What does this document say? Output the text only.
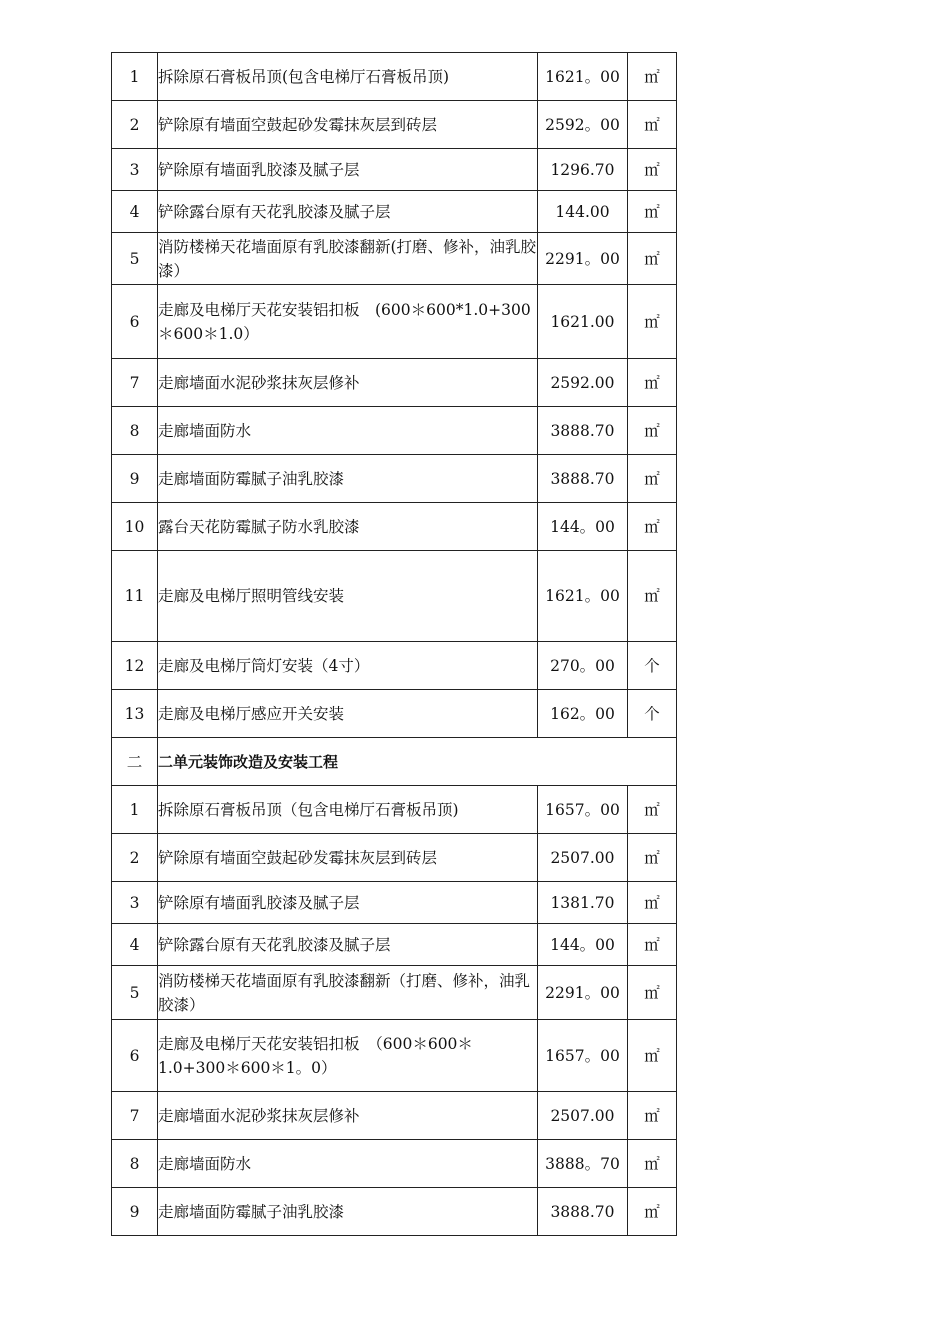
1	拆除原石膏板吊顶(包含电梯厅石膏板吊顶)	1621。00	㎡
2	铲除原有墙面空鼓起砂发霉抹灰层到砖层	2592。00	㎡
3	铲除原有墙面乳胶漆及腻子层	1296.70	㎡
4	铲除露台原有天花乳胶漆及腻子层	144.00	㎡
5	消防楼梯天花墙面原有乳胶漆翻新(打磨、修补，油乳胶漆）	2291。00	㎡
6	走廊及电梯厅天花安装铝扣板　(600＊600*1.0+300＊600＊1.0）	1621.00	㎡
7	走廊墙面水泥砂浆抹灰层修补	2592.00	㎡
8	走廊墙面防水	3888.70	㎡
9	走廊墙面防霉腻子油乳胶漆	3888.70	㎡
10	露台天花防霉腻子防水乳胶漆	144。00	㎡
11	走廊及电梯厅照明管线安装	1621。00	㎡
12	走廊及电梯厅筒灯安装（4寸）	270。00	个
13	走廊及电梯厅感应开关安装	162。00	个
二	二单元装饰改造及安装工程		
1	拆除原石膏板吊顶（包含电梯厅石膏板吊顶)	1657。00	㎡
2	铲除原有墙面空鼓起砂发霉抹灰层到砖层	2507.00	㎡
3	铲除原有墙面乳胶漆及腻子层	1381.70	㎡
4	铲除露台原有天花乳胶漆及腻子层	144。00	㎡
5	消防楼梯天花墙面原有乳胶漆翻新（打磨、修补，油乳胶漆）	2291。00	㎡
6	走廊及电梯厅天花安装铝扣板　（600＊600＊1.0+300＊600＊1。0）	1657。00	㎡
7	走廊墙面水泥砂浆抹灰层修补	2507.00	㎡
8	走廊墙面防水	3888。70	㎡
9	走廊墙面防霉腻子油乳胶漆	3888.70	㎡
